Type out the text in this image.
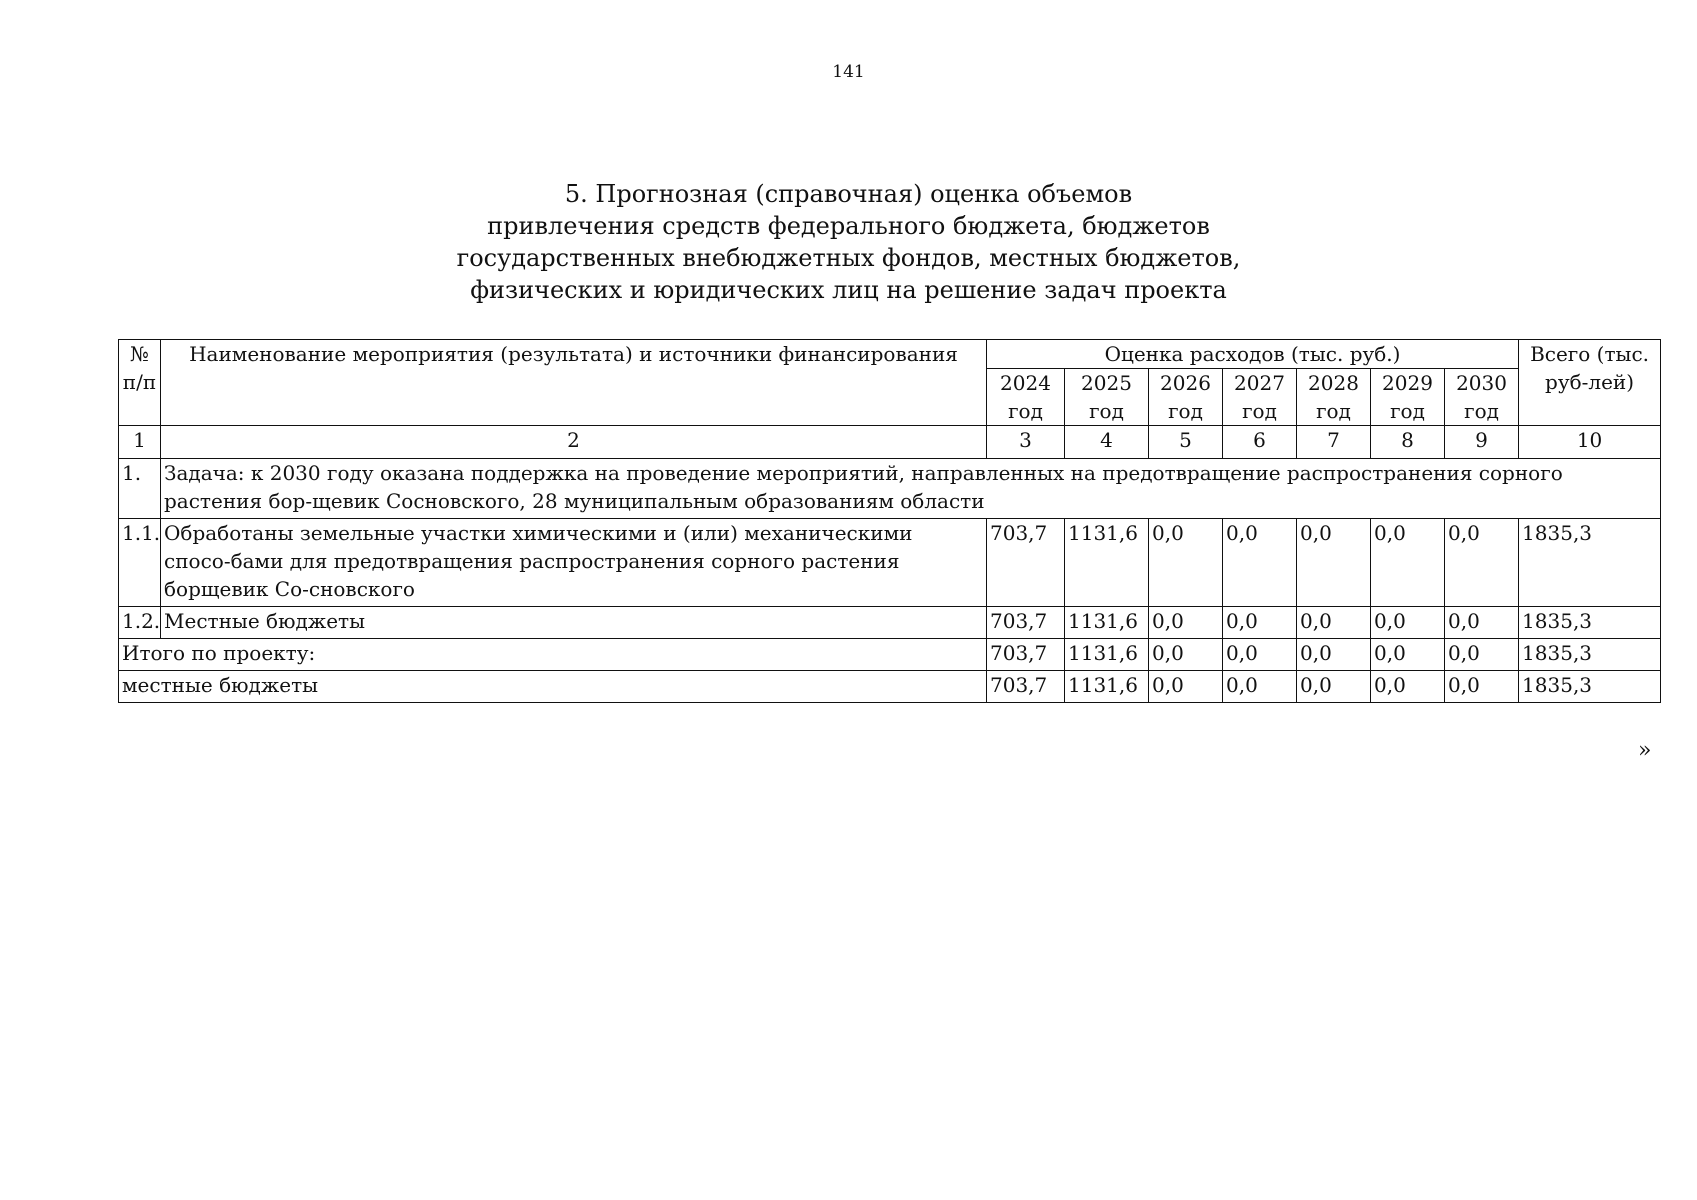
141
5. Прогнозная (справочная) оценка объемов
привлечения средств федерального бюджета, бюджетов
государственных внебюджетных фондов, местных бюджетов,
физических и юридических лиц на решение задач проекта
№ п/п	Наименование мероприятия (результата) и источники финансирования	Оценка расходов (тыс. руб.)							Всего (тыс. руб-лей)
		2024 год	2025 год	2026 год	2027 год	2028 год	2029 год	2030 год	
1	2	3	4	5	6	7	8	9	10
1.	Задача: к 2030 году оказана поддержка на проведение мероприятий, направленных на предотвращение распространения сорного растения бор-щевик Сосновского, 28 муниципальным образованиям области								
1.1.	Обработаны земельные участки химическими и (или) механическими спосо-бами для предотвращения распространения сорного растения борщевик Со-сновского	703,7	1131,6	0,0	0,0	0,0	0,0	0,0	1835,3
1.2.	Местные бюджеты	703,7	1131,6	0,0	0,0	0,0	0,0	0,0	1835,3
Итого по проекту:		703,7	1131,6	0,0	0,0	0,0	0,0	0,0	1835,3
местные бюджеты		703,7	1131,6	0,0	0,0	0,0	0,0	0,0	1835,3
»
